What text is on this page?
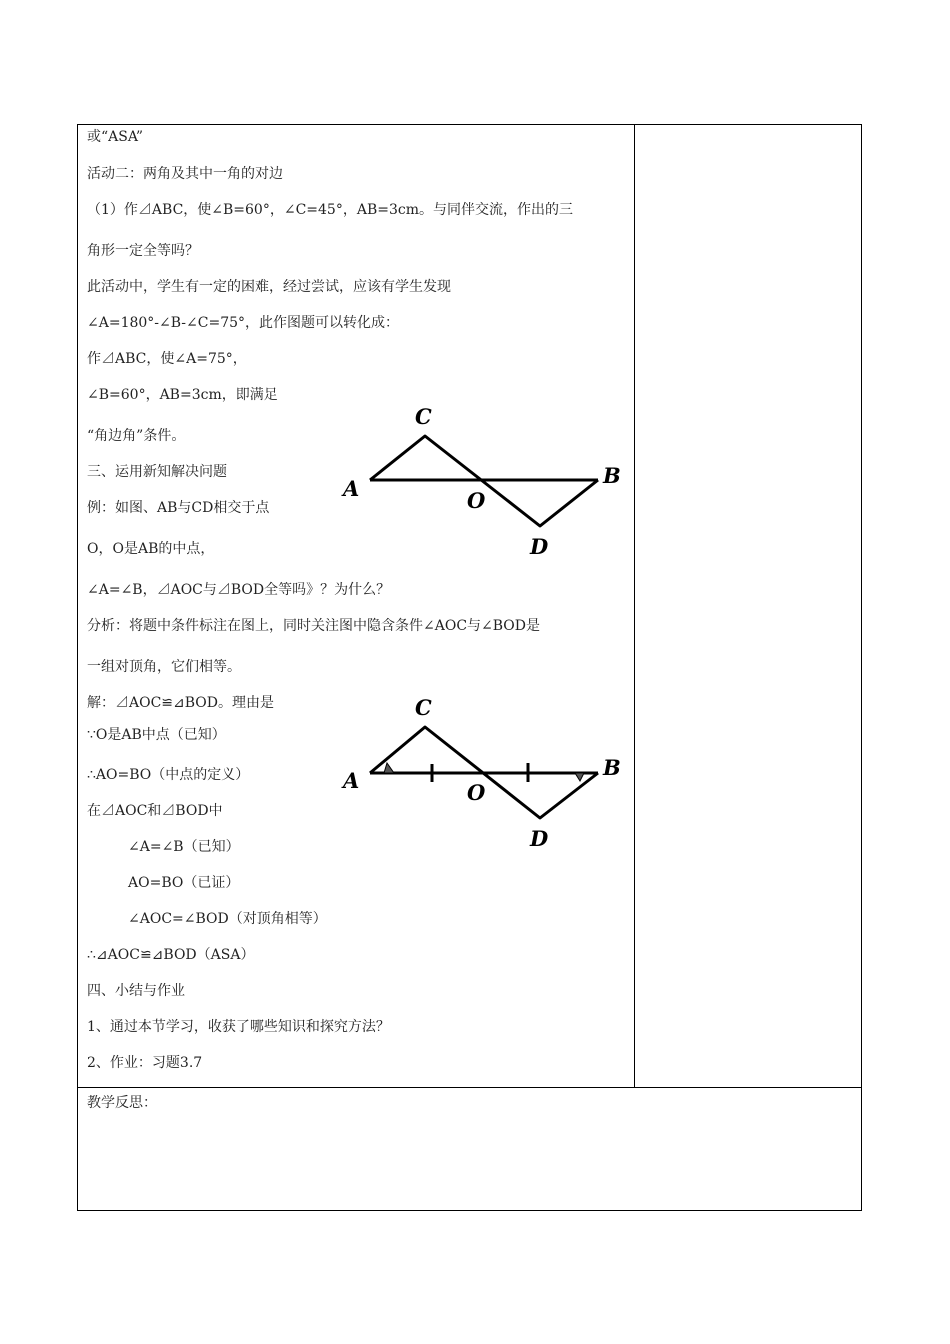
或“ASA”
活动二：两角及其中一角的对边
（1）作⊿ABC，使∠B=60°，∠C=45°，AB=3cm。与同伴交流，作出的三
角形一定全等吗？
此活动中，学生有一定的困难，经过尝试，应该有学生发现
∠A=180°-∠B-∠C=75°，此作图题可以转化成：
作⊿ABC，使∠A=75°，
∠B=60°，AB=3cm，即满足
“角边角”条件。
三、运用新知解决问题
例：如图、AB与CD相交于点
O，O是AB的中点，
∠A=∠B，⊿AOC与⊿BOD全等吗》？为什么？
分析：将题中条件标注在图上，同时关注图中隐含条件∠AOC与∠BOD是
一组对顶角，它们相等。
解：⊿AOC≌⊿BOD。理由是
∵O是AB中点（已知）
∴AO=BO（中点的定义）
在⊿AOC和⊿BOD中
∠A=∠B（已知）
AO=BO（已证）
∠AOC=∠BOD（对顶角相等）
∴⊿AOC≌⊿BOD（ASA）
四、小结与作业
1、通过本节学习，收获了哪些知识和探究方法？
2、作业：习题3.7
教学反思：
C
A	O
B
D
C
A	O
B
D
